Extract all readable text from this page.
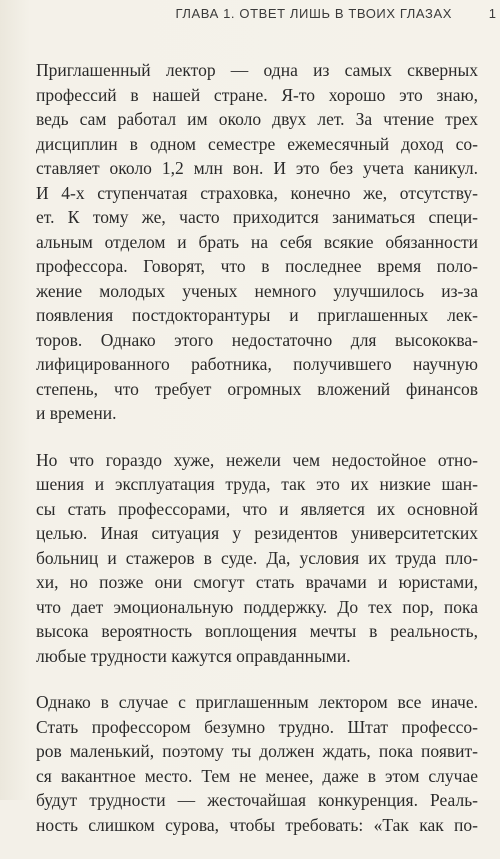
ГЛАВА 1. ОТВЕТ ЛИШЬ В ТВОИХ ГЛАЗАХ	1
Приглашенный лектор — одна из самых скверных
профессий в нашей стране. Я-то хорошо это знаю,
ведь сам работал им около двух лет. За чтение трех
дисциплин в одном семестре ежемесячный доход со-
ставляет около 1,2 млн вон. И это без учета каникул.
И 4-х ступенчатая страховка, конечно же, отсутству-
ет. К тому же, часто приходится заниматься специ-
альным отделом и брать на себя всякие обязанности
профессора. Говорят, что в последнее время поло-
жение молодых ученых немного улучшилось из-за
появления постдокторантуры и приглашенных лек-
торов. Однако этого недостаточно для высококва-
лифицированного работника, получившего научную
степень, что требует огромных вложений финансов
и времени.
Но что гораздо хуже, нежели чем недостойное отно-
шения и эксплуатация труда, так это их низкие шан-
сы стать профессорами, что и является их основной
целью. Иная ситуация у резидентов университетских
больниц и стажеров в суде. Да, условия их труда пло-
хи, но позже они смогут стать врачами и юристами,
что дает эмоциональную поддержку. До тех пор, пока
высока вероятность воплощения мечты в реальность,
любые трудности кажутся оправданными.
Однако в случае с приглашенным лектором все иначе.
Стать профессором безумно трудно. Штат профессо-
ров маленький, поэтому ты должен ждать, пока появит-
ся вакантное место. Тем не менее, даже в этом случае
будут трудности — жесточайшая конкуренция. Реаль-
ность слишком сурова, чтобы требовать: «Так как по-
